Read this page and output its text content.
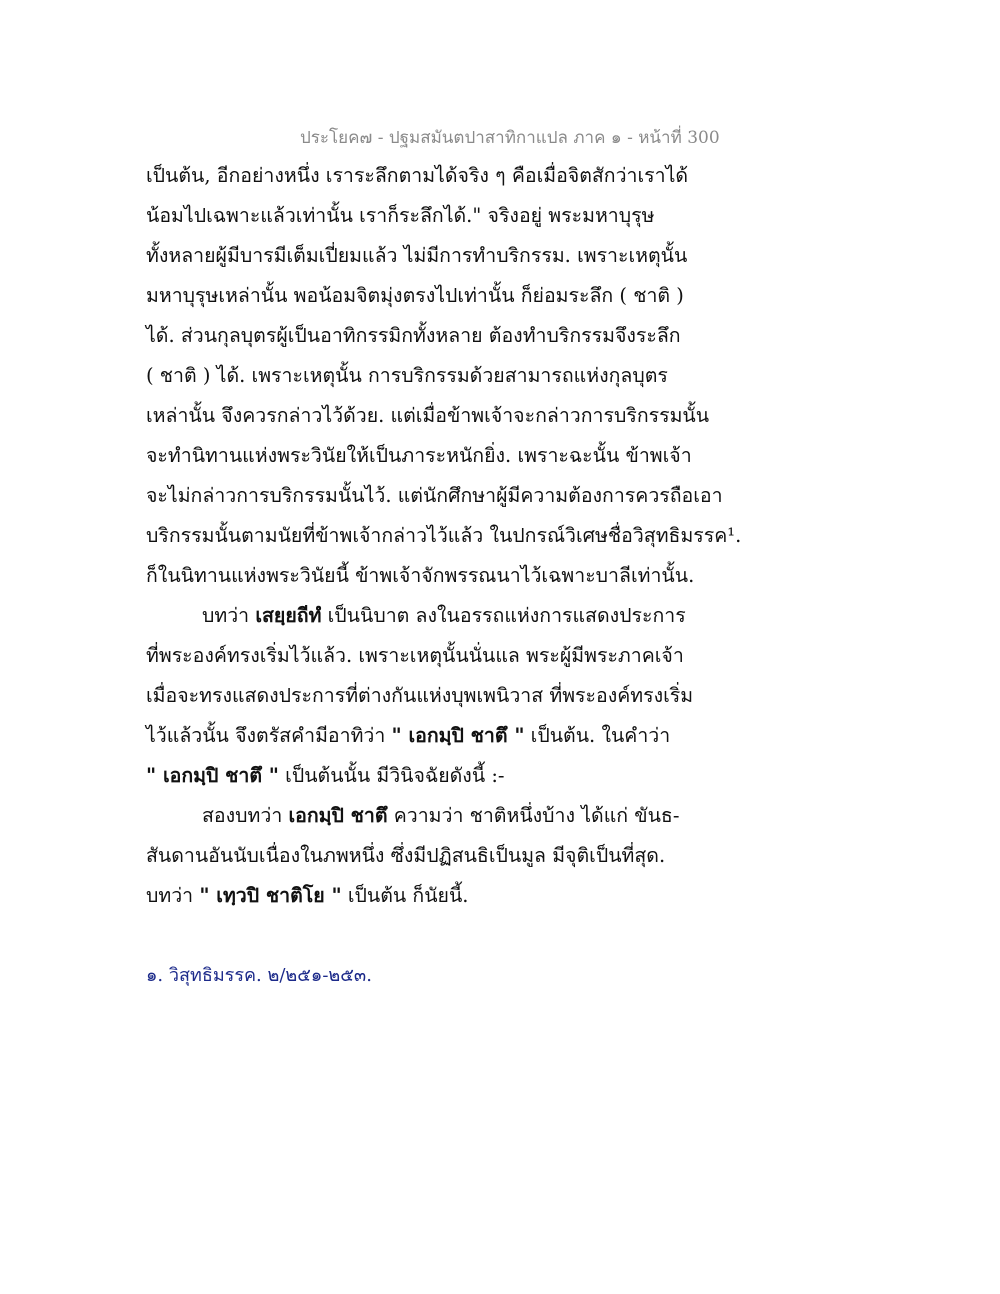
ประโยค๗ - ปฐมสมันตปาสาทิกาแปล ภาค ๑ - หน้าที่ 300
เป็นต้น, อีกอย่างหนึ่ง เราระลึกตามได้จริง ๆ คือเมื่อจิตสักว่าเราได้
น้อมไปเฉพาะแล้วเท่านั้น เราก็ระลึกได้." จริงอยู่ พระมหาบุรุษ
ทั้งหลายผู้มีบารมีเต็มเปี่ยมแล้ว ไม่มีการทำบริกรรม. เพราะเหตุนั้น
มหาบุรุษเหล่านั้น พอน้อมจิตมุ่งตรงไปเท่านั้น ก็ย่อมระลึก ( ชาติ )
ได้. ส่วนกุลบุตรผู้เป็นอาทิกรรมิกทั้งหลาย ต้องทำบริกรรมจึงระลึก
( ชาติ ) ได้. เพราะเหตุนั้น การบริกรรมด้วยสามารถแห่งกุลบุตร
เหล่านั้น จึงควรกล่าวไว้ด้วย. แต่เมื่อข้าพเจ้าจะกล่าวการบริกรรมนั้น
จะทำนิทานแห่งพระวินัยให้เป็นภาระหนักยิ่ง. เพราะฉะนั้น ข้าพเจ้า
จะไม่กล่าวการบริกรรมนั้นไว้. แต่นักศึกษาผู้มีความต้องการควรถือเอา
บริกรรมนั้นตามนัยที่ข้าพเจ้ากล่าวไว้แล้ว ในปกรณ์วิเศษชื่อวิสุทธิมรรค¹.
ก็ในนิทานแห่งพระวินัยนี้ ข้าพเจ้าจักพรรณนาไว้เฉพาะบาลีเท่านั้น.
บทว่า เสยฺยถีทํ เป็นนิบาต ลงในอรรถแห่งการแสดงประการ
ที่พระองค์ทรงเริ่มไว้แล้ว. เพราะเหตุนั้นนั่นแล พระผู้มีพระภาคเจ้า
เมื่อจะทรงแสดงประการที่ต่างกันแห่งบุพเพนิวาส ที่พระองค์ทรงเริ่ม
ไว้แล้วนั้น จึงตรัสคำมีอาทิว่า " เอกมฺปิ ชาตึ " เป็นต้น. ในคำว่า
" เอกมฺปิ ชาตึ " เป็นต้นนั้น มีวินิจฉัยดังนี้ :-
สองบทว่า เอกมฺปิ ชาตึ ความว่า ชาติหนึ่งบ้าง ได้แก่ ขันธ-
สันดานอันนับเนื่องในภพหนึ่ง ซึ่งมีปฏิสนธิเป็นมูล มีจุติเป็นที่สุด.
บทว่า " เทฺวปิ ชาติโย " เป็นต้น ก็นัยนี้.
๑. วิสุทธิมรรค. ๒/๒๕๑-๒๕๓.
